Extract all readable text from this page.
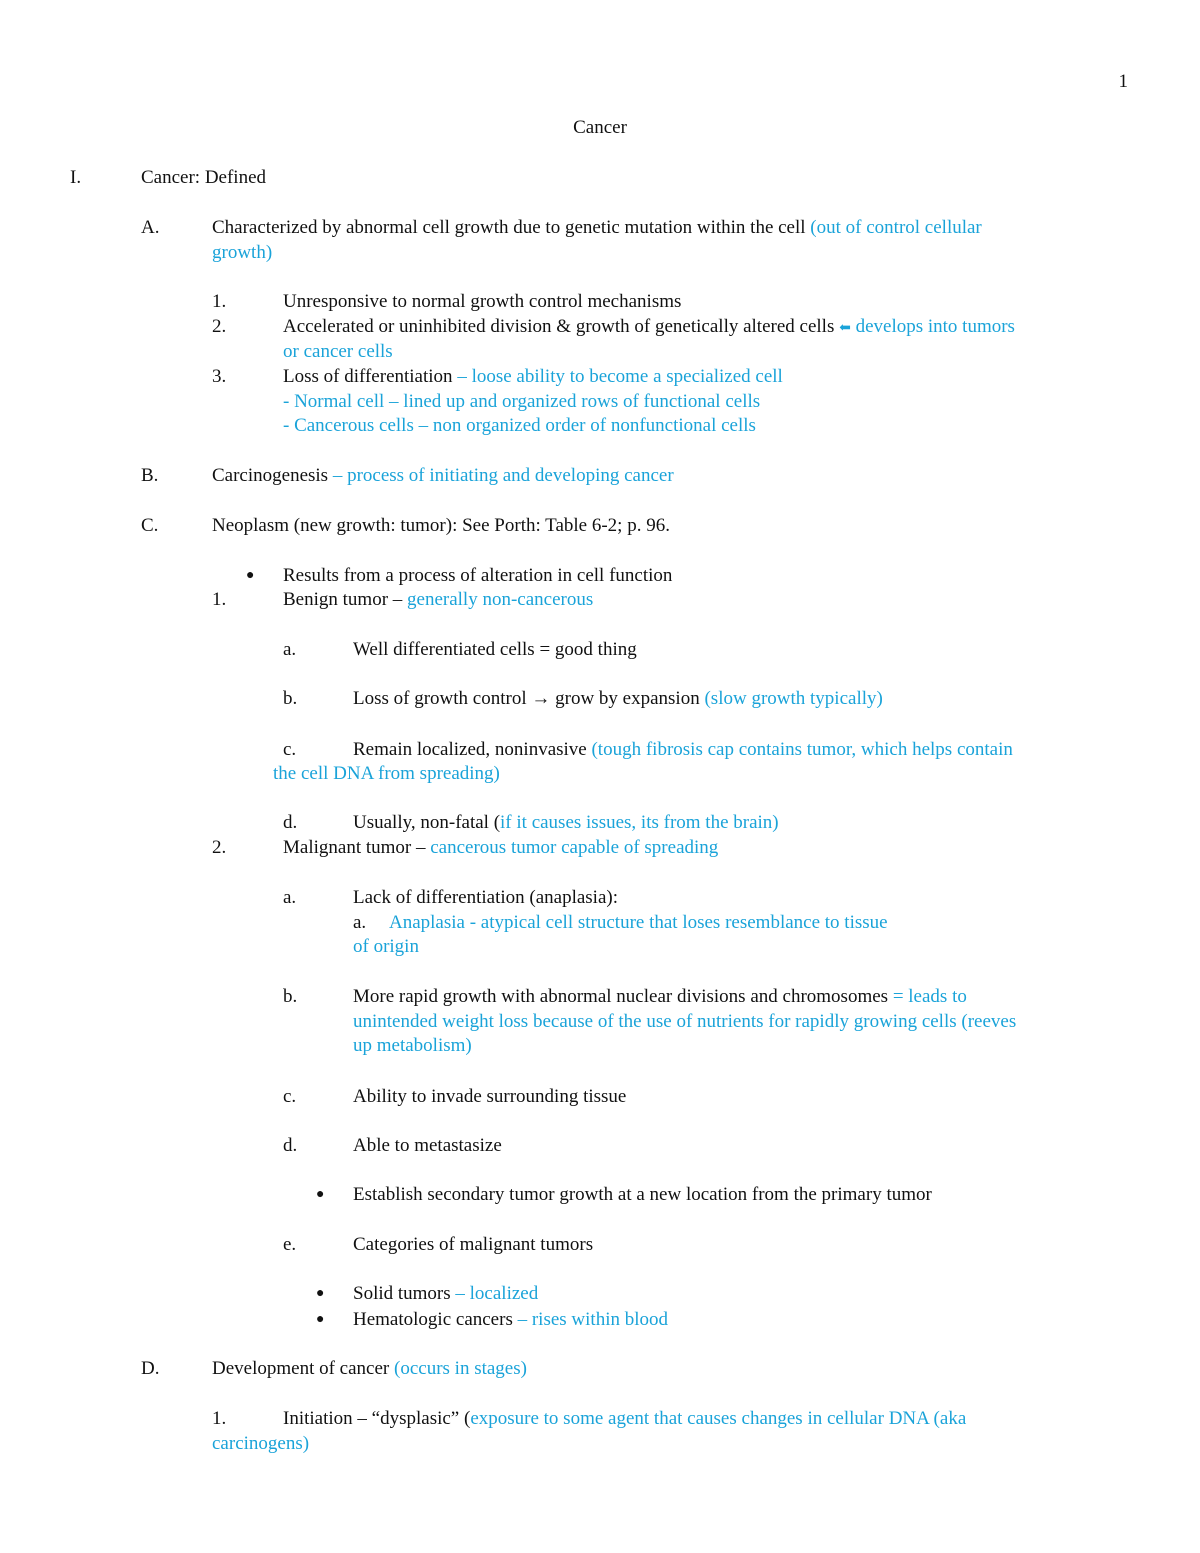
1
Cancer
I.	Cancer: Defined
A.	Characterized by abnormal cell growth due to genetic mutation within the cell (out of control cellular
growth)
1.	Unresponsive to normal growth control mechanisms
2.	Accelerated or uninhibited division & growth of genetically altered cells ⬅ develops into tumors
or cancer cells
3.	Loss of differentiation – loose ability to become a specialized cell
- Normal cell – lined up and organized rows of functional cells
- Cancerous cells – non organized order of nonfunctional cells
B.	Carcinogenesis – process of initiating and developing cancer
C.	Neoplasm (new growth: tumor): See Porth: Table 6-2; p. 96.
● Results from a process of alteration in cell function
1.	Benign tumor – generally non-cancerous
a.	Well differentiated cells = good thing
b.	Loss of growth control → grow by expansion (slow growth typically)
c.	Remain localized, noninvasive (tough fibrosis cap contains tumor, which helps contain
the cell DNA from spreading)
d.	Usually, non-fatal (if it causes issues, its from the brain)
2.	Malignant tumor – cancerous tumor capable of spreading
a.	Lack of differentiation (anaplasia):
a. Anaplasia - atypical cell structure that loses resemblance to tissue
of origin
b.	More rapid growth with abnormal nuclear divisions and chromosomes = leads to
unintended weight loss because of the use of nutrients for rapidly growing cells (reeves
up metabolism)
c.	Ability to invade surrounding tissue
d.	Able to metastasize
● Establish secondary tumor growth at a new location from the primary tumor
e.	Categories of malignant tumors
● Solid tumors – localized
● Hematologic cancers – rises within blood
D.	Development of cancer (occurs in stages)
1.	Initiation – “dysplasic” (exposure to some agent that causes changes in cellular DNA (aka
carcinogens)
